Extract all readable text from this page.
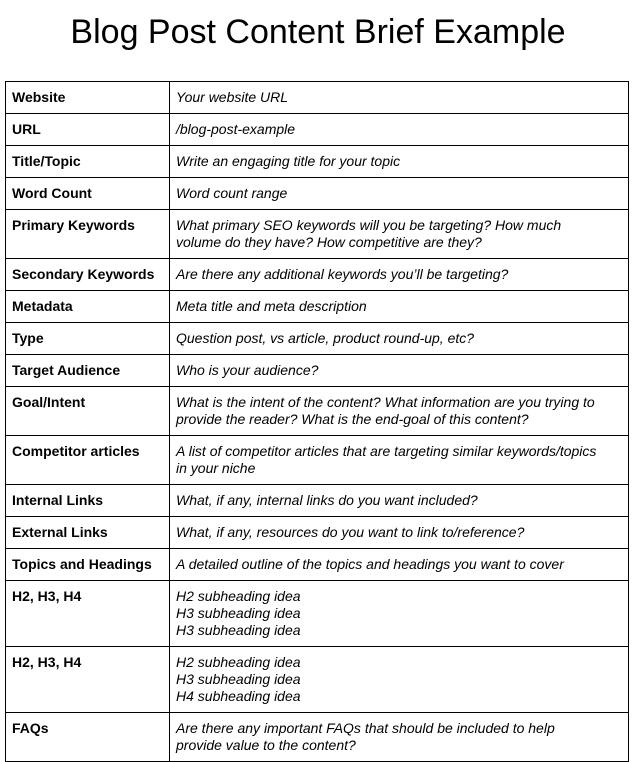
Blog Post Content Brief Example
Website	Your website URL

URL	/blog-post-example

Title/Topic	Write an engaging title for your topic

Word Count	Word count range

Primary Keywords	What primary SEO keywords will you be targeting? How much
volume do they have? How competitive are they?

Secondary Keywords	Are there any additional keywords you’ll be targeting?

Metadata	Meta title and meta description

Type	Question post, vs article, product round-up, etc?

Target Audience	Who is your audience?

Goal/Intent	What is the intent of the content? What information are you trying to
provide the reader? What is the end-goal of this content?

Competitor articles	A list of competitor articles that are targeting similar keywords/topics
in your niche

Internal Links	What, if any, internal links do you want included?

External Links	What, if any, resources do you want to link to/reference?

Topics and Headings	A detailed outline of the topics and headings you want to cover

H2, H3, H4	H2 subheading idea
H3 subheading idea
H3 subheading idea

H2, H3, H4	H2 subheading idea
H3 subheading idea
H4 subheading idea

FAQs	Are there any important FAQs that should be included to help
provide value to the content?
